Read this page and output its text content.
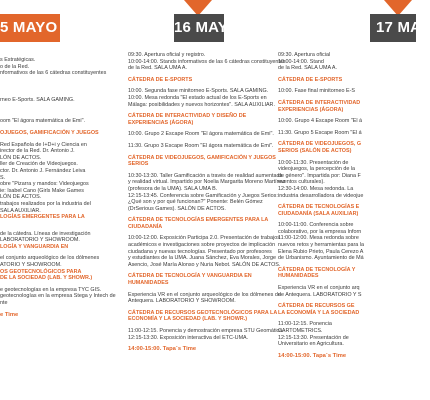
5 MAYO
s Estratégicas.
o de la Red.
nformativos de las 6 cátedras constituyentes
rneo E-Sports. SALA GAMING.
oom "El ágora matemática de Emi".
OJUEGOS, GAMIFICACIÓN Y JUEGOS
Red Española de I+D+i y Ciencia en
irector de la Red. Dr. Antonio J.
LÓN DE ACTOS.
ller de Creación de Videojuegos.
ctor. Dr. Antonio J. Fernández Leiva
S.
obre "Pizarra y mandos: Videojuegos
ie: Isabel Cano (Girls Make Games
LÓN DE ACTOS.
trabajos realizados por la industria del
SALA AUXILIAR.
LOGÍAS EMERGENTES PARA LA
de la cátedra. Líneas de investigación
LABORATORIO Y SHOWROOM.
LOGÍA Y VANGUARDIA EN
el conjunto arqueológico de los dólmenes
ATORIO Y SHOWROOM.
OS GEOTECNOLÓGICOS PARA
DE LA SOCIEDAD (LAB. Y SHOWR.)
e geotecnologías en la empresa TYC GIS.
geotecnologías en la empresa Stega y Intech de
nte
e Time
16 MAYO
09:30. Apertura oficial y registro.
10:00-14:00. Stands informativos de las 6 cátedras constituyentes
de la Red. SALA UMA A.
CÁTEDRA DE E-SPORTS
10:00. Segunda fase minitorneo E-Sports. SALA GAMING.
10:00. Mesa redonda "El estado actual de los E-Sports en
Málaga: posibilidades y nuevos horizontes". SALA AUXILIAR.
CÁTEDRA DE INTERACTIVIDAD Y DISEÑO DE
EXPERIENCIAS (ÁGORA)
10:00. Grupo 2 Escape Room "El ágora matemática de Emi".
11:30. Grupo 3 Escape Room "El ágora matemática de Emi".
CÁTEDRA DE VIDEOJUEGOS, GAMIFICACIÓN Y JUEGOS
SERIOS
10:30-13:30. Taller Gamificación a través de realidad aumentada
y realidad virtual. Impartido por Noelia Margarita Moreno Martínez
(profesora de la UMA). SALA UMA B.
12:15-13:45. Conferencia sobre Gamificación y Juegos Serios:
¿Qué son y por qué funcionan?" Ponente: Belén Gómez
(DrSerious Games). SALÓN DE ACTOS.
CÁTEDRA DE TECNOLOGÍAS EMERGENTES PARA LA
CIUDADANÍA
10:00-12:00. Exposición Participa 2.0. Presentación de trabajos
académicos e investigaciones sobre proyectos de implicación
ciudadana y nuevas tecnologías. Presentado por profesores
y estudiantes de la UMA. Juana Sánchez, Eva Morales, Jorge
Asencio, José María Alonso y Nuria Nebot. SALÓN DE ACTOS.
CÁTEDRA DE TECNOLOGÍA Y VANGUARDIA EN
HUMANIDADES
Experiencia VR en el conjunto arqueológico de los dólmenes de
Antequera. LABORATORIO Y SHOWROOM.
CÁTEDRA DE RECURSOS GEOTECNOLÓGICOS PARA LA
ECONOMÍA Y LA SOCIEDAD (LAB. Y SHOWR.)
11:00-12:15. Ponencia y demostración empresa STU Geomática.
12:15-13:30. Exposición interactiva del ETC-UMA.
14:00-15:00. Tapa´s Time
17 MAY
09:30. Apertura oficial
10:00-14:00. Stand
de la Red. SALA UMA A.
CÁTEDRA DE E-SPORTS
10:00. Fase final minitorneo E-S
CÁTEDRA DE INTERACTIVIDAD
EXPERIENCIAS (ÁGORA)
10:00. Grupo 4 Escape Room "El á
11:30. Grupo 5 Escape Room "El á
CÁTEDRA DE VIDEOJUEGOS, G
SERIOS (SALÓN DE ACTOS)
10:00-11:30. Presentación de
videojuegos, la percepción de la
de género". Impartida por: Diana F
eventos culturales).
12:30-14:00. Mesa redonda. La
industria desarrolladora de videojue
CÁTEDRA DE TECNOLOGÍAS E
CIUDADANÍA (SALA AUXILIAR)
10:00-11:00. Conferencia sobre
colaborativo, por la empresa Inforn
11:00-12:00. Mesa redonda sobre
nuevos retos y herramientas para la
Elena Rubio Prieto, Paula Cerezo A
de Urbanismo. Ayuntamiento de Má
CÁTEDRA DE TECNOLOGÍA Y
HUMANIDADES
Experiencia VR en el conjunto arq
de Antequera. LABORATORIO Y S
CÁTEDRA DE RECURSOS GE
LA ECONOMÍA Y LA SOCIEDAD
11:00-12:15. Ponencia
CARTOMETRICS.
12:15-13:30. Presentación de
Universitario en Agricultura.
14:00-15:00. Tapa´s Time
